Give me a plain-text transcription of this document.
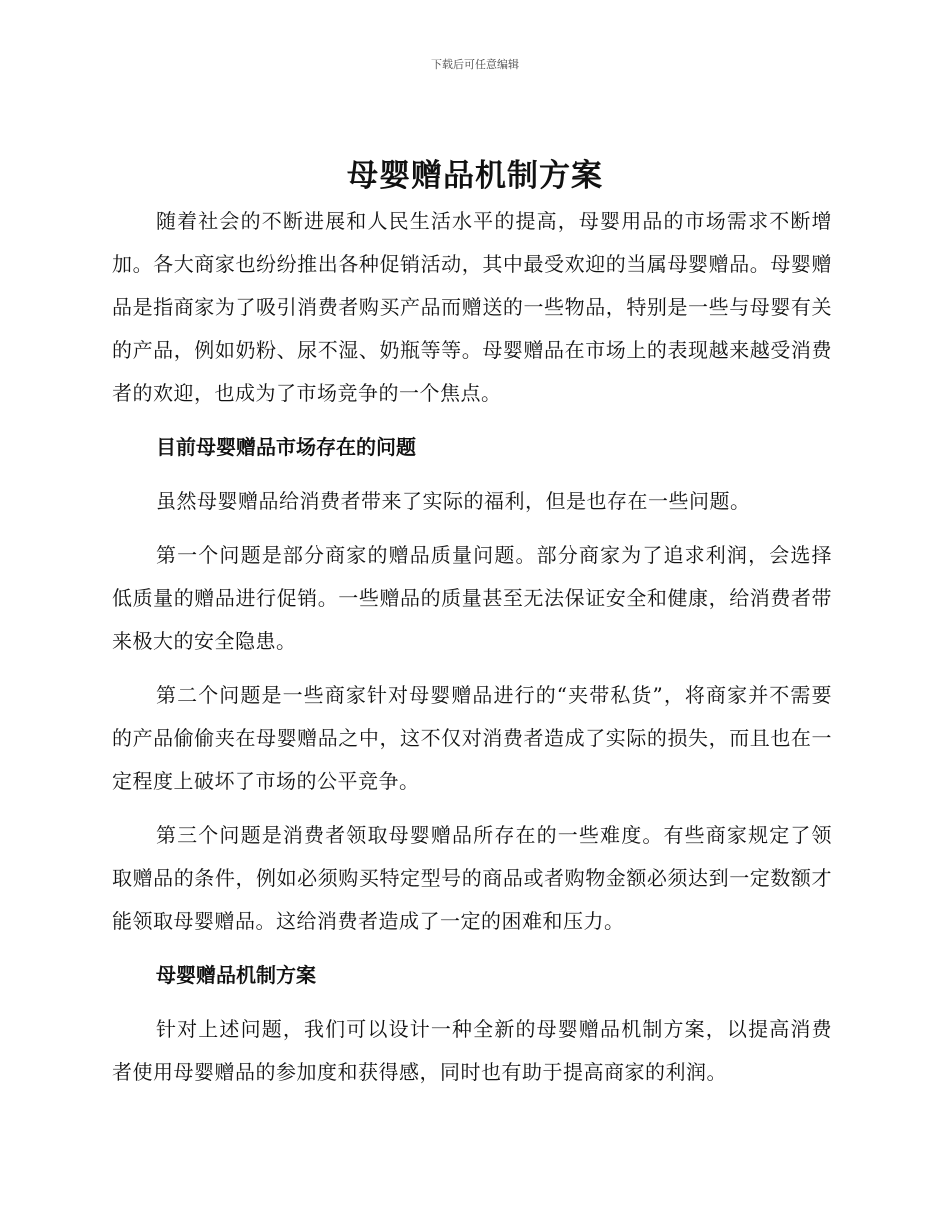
下载后可任意编辑
母婴赠品机制方案

随着社会的不断进展和人民生活水平的提高，母婴用品的市场需求不断增加。各大商家也纷纷推出各种促销活动，其中最受欢迎的当属母婴赠品。母婴赠品是指商家为了吸引消费者购买产品而赠送的一些物品，特别是一些与母婴有关的产品，例如奶粉、尿不湿、奶瓶等等。母婴赠品在市场上的表现越来越受消费者的欢迎，也成为了市场竞争的一个焦点。

目前母婴赠品市场存在的问题

虽然母婴赠品给消费者带来了实际的福利，但是也存在一些问题。

第一个问题是部分商家的赠品质量问题。部分商家为了追求利润，会选择低质量的赠品进行促销。一些赠品的质量甚至无法保证安全和健康，给消费者带来极大的安全隐患。

第二个问题是一些商家针对母婴赠品进行的“夹带私货”，将商家并不需要的产品偷偷夹在母婴赠品之中，这不仅对消费者造成了实际的损失，而且也在一定程度上破坏了市场的公平竞争。

第三个问题是消费者领取母婴赠品所存在的一些难度。有些商家规定了领取赠品的条件，例如必须购买特定型号的商品或者购物金额必须达到一定数额才能领取母婴赠品。这给消费者造成了一定的困难和压力。

母婴赠品机制方案

针对上述问题，我们可以设计一种全新的母婴赠品机制方案，以提高消费者使用母婴赠品的参加度和获得感，同时也有助于提高商家的利润。
